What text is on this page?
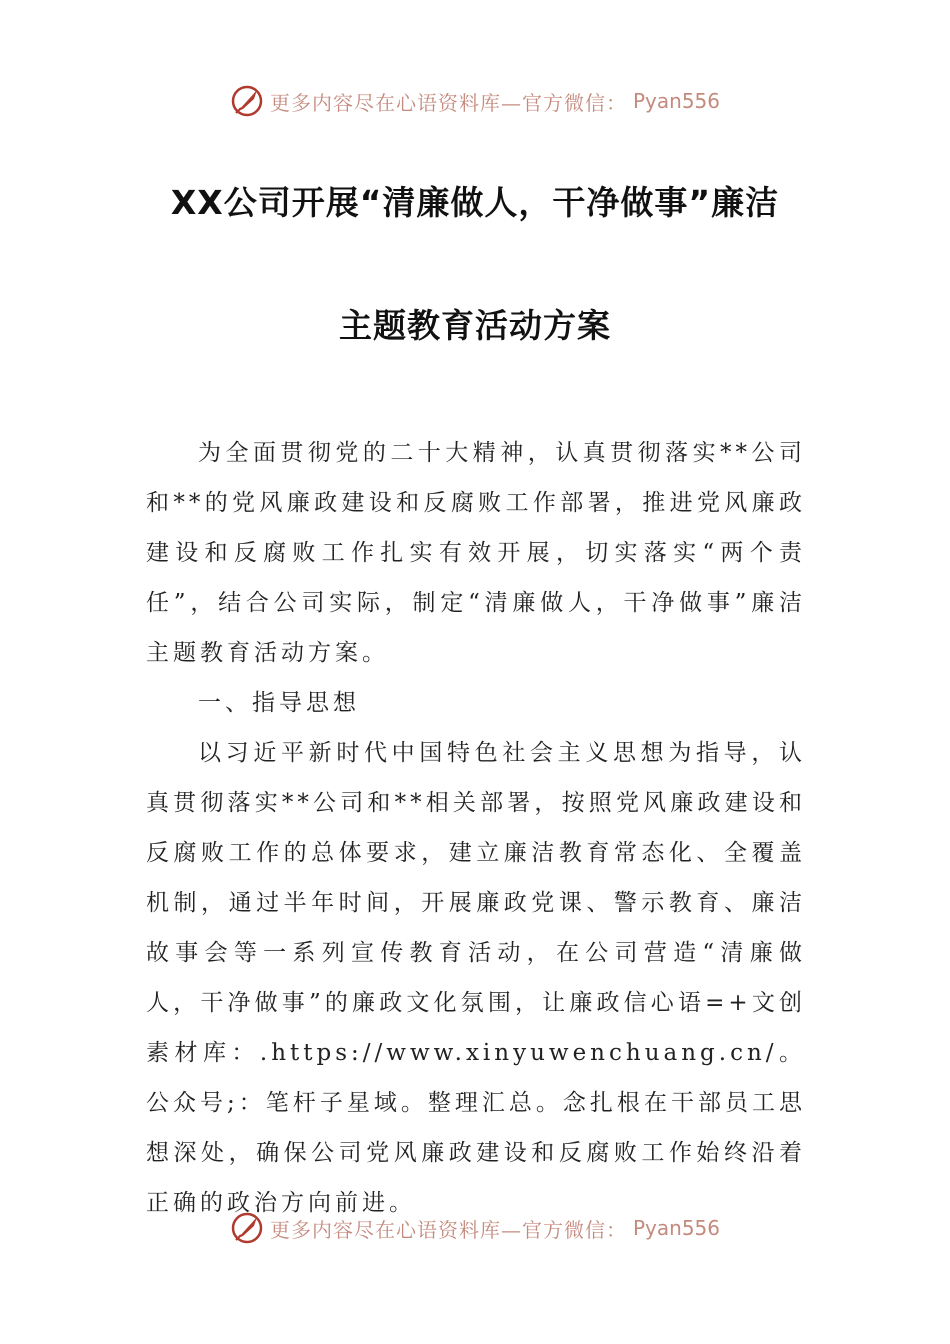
更多内容尽在心语资料库—官方微信： Pyan556
XX公司开展“清廉做人，干净做事”廉洁
主题教育活动方案

为全面贯彻党的二十大精神，认真贯彻落实**公司和**的党风廉政建设和反腐败工作部署，推进党风廉政建设和反腐败工作扎实有效开展，切实落实“两个责任”，结合公司实际，制定“清廉做人，干净做事”廉洁主题教育活动方案。

一、指导思想

以习近平新时代中国特色社会主义思想为指导，认真贯彻落实**公司和**相关部署，按照党风廉政建设和反腐败工作的总体要求，建立廉洁教育常态化、全覆盖机制，通过半年时间，开展廉政党课、警示教育、廉洁故事会等一系列宣传教育活动，在公司营造“清廉做人，干净做事”的廉政文化氛围，让廉政信心语=+文创素材库：.https://www.xinyuwenchuang.cn/。公众号;：笔杆子星域。整理汇总。念扎根在干部员工思想深处，确保公司党风廉政建设和反腐败工作始终沿着正确的政治方向前进。

更多内容尽在心语资料库—官方微信： Pyan556
